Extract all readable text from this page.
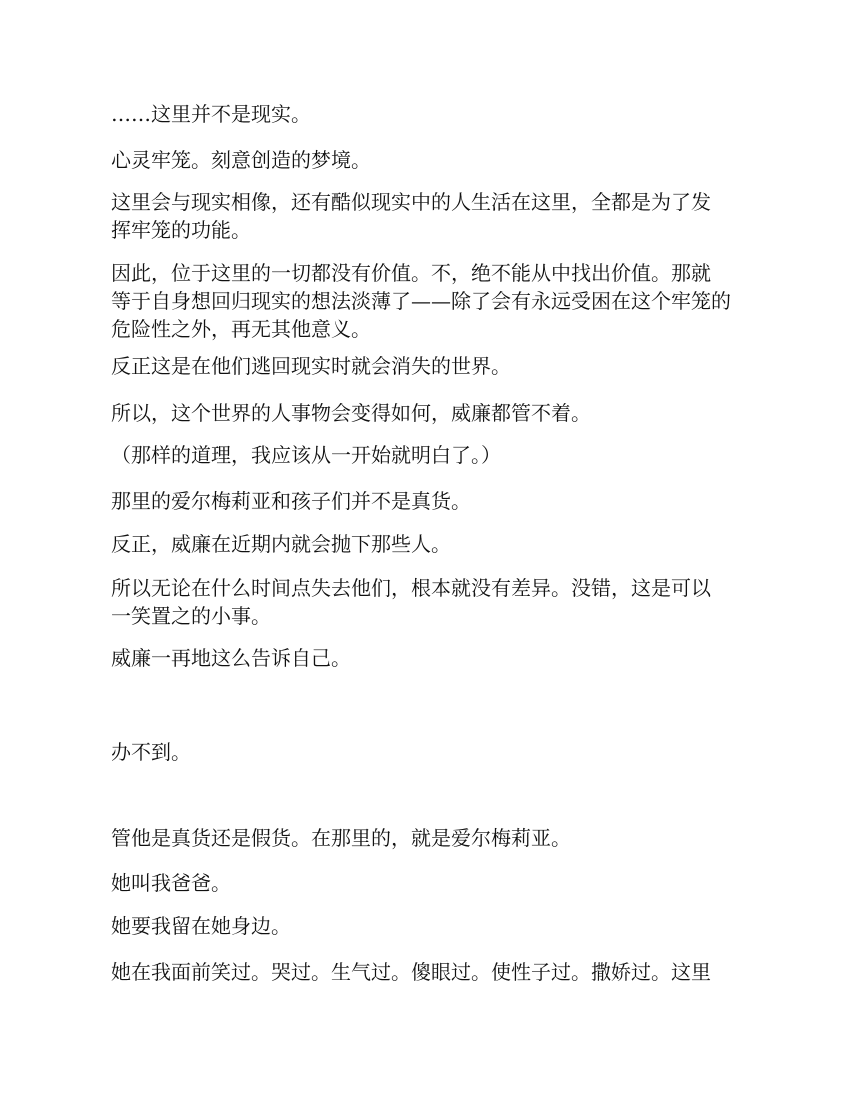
……这里并不是现实。
心灵牢笼。刻意创造的梦境。
这里会与现实相像，还有酷似现实中的人生活在这里，全都是为了发
挥牢笼的功能。
因此，位于这里的一切都没有价值。不，绝不能从中找出价值。那就
等于自身想回归现实的想法淡薄了——除了会有永远受困在这个牢笼的
危险性之外，再无其他意义。
反正这是在他们逃回现实时就会消失的世界。
所以，这个世界的人事物会变得如何，威廉都管不着。
（那样的道理，我应该从一开始就明白了。）
那里的爱尔梅莉亚和孩子们并不是真货。
反正，威廉在近期内就会抛下那些人。
所以无论在什么时间点失去他们，根本就没有差异。没错，这是可以
一笑置之的小事。
威廉一再地这么告诉自己。
办不到。
管他是真货还是假货。在那里的，就是爱尔梅莉亚。
她叫我爸爸。
她要我留在她身边。
她在我面前笑过。哭过。生气过。傻眼过。使性子过。撒娇过。这里
